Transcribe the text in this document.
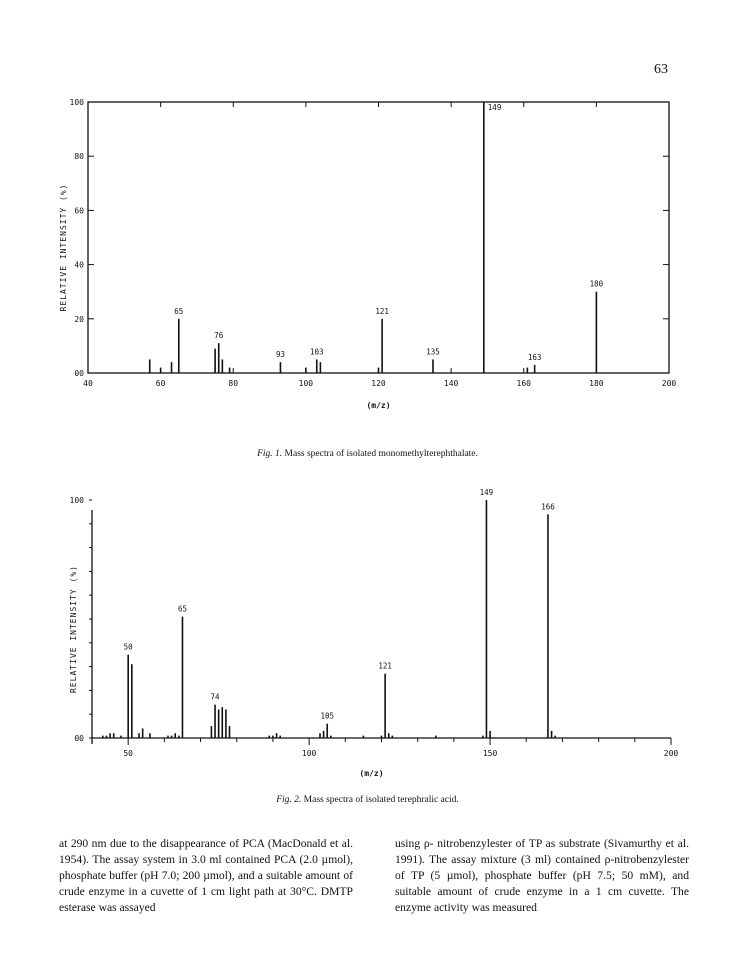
63
00
20
40
60
80
100
40	60	80	100	120	140	160	180	200
(m/z)
RELATIVE INTENSITY (%)	65
76
93	103
121
135
149
163
180
Fig. 1. Mass spectra of isolated monomethylterephthalate.
00
100
50	100	150	200
(m/z)
RELATIVE INTENSITY (%)	50
65
74
105
121
149
166
Fig. 2. Mass spectra of isolated terephralic acid.

at 290 nm due to the disappearance of PCA (MacDonald et al. 1954). The assay system in 3.0 ml contained PCA (2.0 µmol), phosphate buffer (pH 7.0; 200 µmol), and a suitable amount of crude enzyme in a cuvette of 1 cm light path at 30°C. DMTP esterase was assayed

using ρ- nitrobenzylester of TP as substrate (Sivamurthy et al. 1991). The assay mixture (3 ml) contained ρ-nitrobenzylester of TP (5 µmol), phosphate buffer (pH 7.5; 50 mM), and suitable amount of crude enzyme in a 1 cm cuvette. The enzyme activity was measured
